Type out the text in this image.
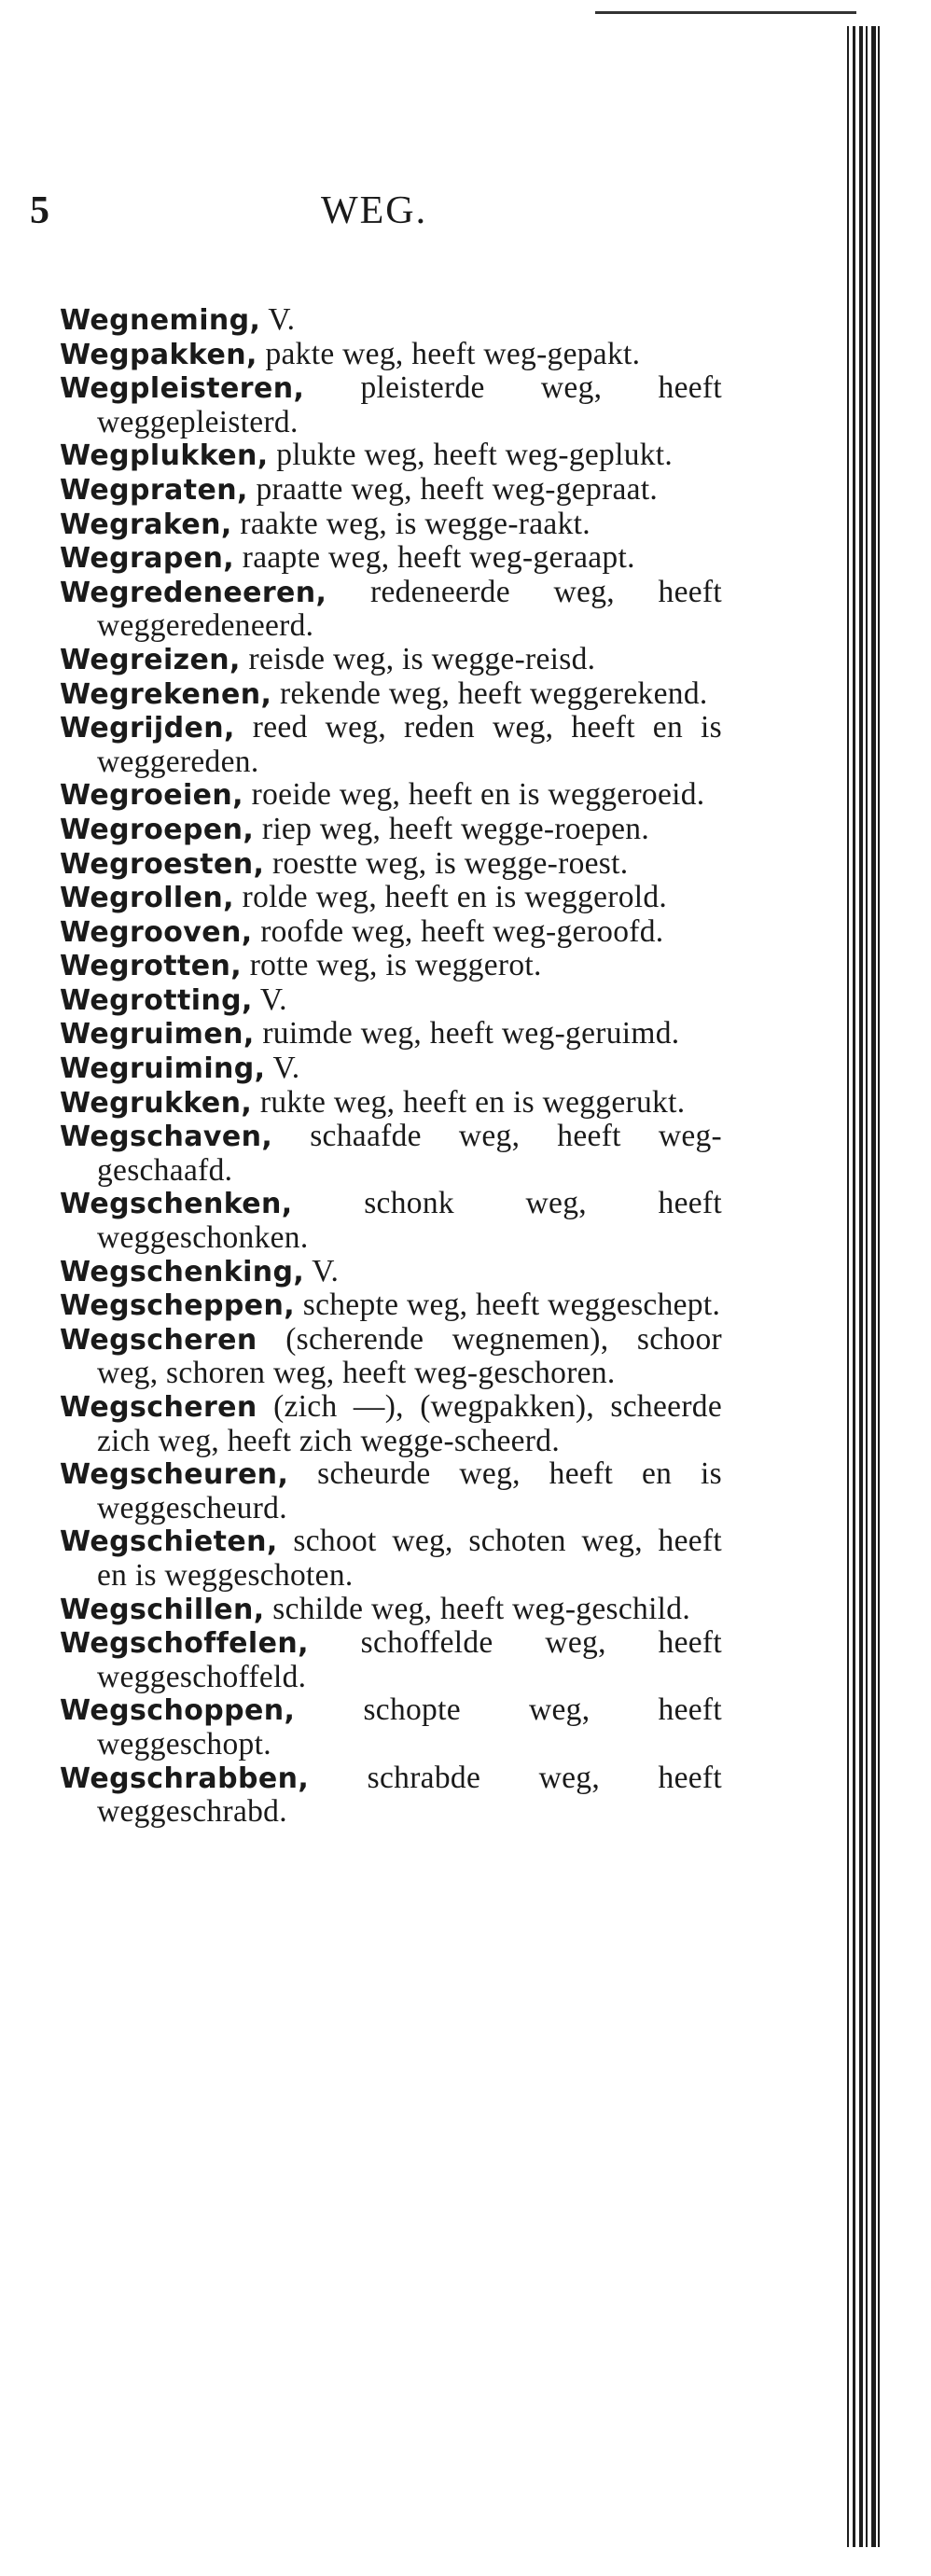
5	WEG.
Wegneming, V.
Wegpakken, pakte weg, heeft weg-gepakt.
Wegpleisteren, pleisterde weg, heeft weggepleisterd.
Wegplukken, plukte weg, heeft weg-geplukt.
Wegpraten, praatte weg, heeft weg-gepraat.
Wegraken, raakte weg, is wegge-raakt.
Wegrapen, raapte weg, heeft weg-geraapt.
Wegredeneeren, redeneerde weg, heeft weggeredeneerd.
Wegreizen, reisde weg, is wegge-reisd.
Wegrekenen, rekende weg, heeft weggerekend.
Wegrijden, reed weg, reden weg, heeft en is weggereden.
Wegroeien, roeide weg, heeft en is weggeroeid.
Wegroepen, riep weg, heeft wegge-roepen.
Wegroesten, roestte weg, is wegge-roest.
Wegrollen, rolde weg, heeft en is weggerold.
Wegrooven, roofde weg, heeft weg-geroofd.
Wegrotten, rotte weg, is weggerot.
Wegrotting, V.
Wegruimen, ruimde weg, heeft weg-geruimd.
Wegruiming, V.
Wegrukken, rukte weg, heeft en is weggerukt.
Wegschaven, schaafde weg, heeft weg-geschaafd.
Wegschenken, schonk weg, heeft weggeschonken.
Wegschenking, V.
Wegscheppen, schepte weg, heeft weggeschept.
Wegscheren (scherende wegnemen), schoor weg, schoren weg, heeft weg-geschoren.
Wegscheren (zich —), (wegpakken), scheerde zich weg, heeft zich wegge-scheerd.
Wegscheuren, scheurde weg, heeft en is weggescheurd.
Wegschieten, schoot weg, schoten weg, heeft en is weggeschoten.
Wegschillen, schilde weg, heeft weg-geschild.
Wegschoffelen, schoffelde weg, heeft weggeschoffeld.
Wegschoppen, schopte weg, heeft weggeschopt.
Wegschrabben, schrabde weg, heeft weggeschrabd.
